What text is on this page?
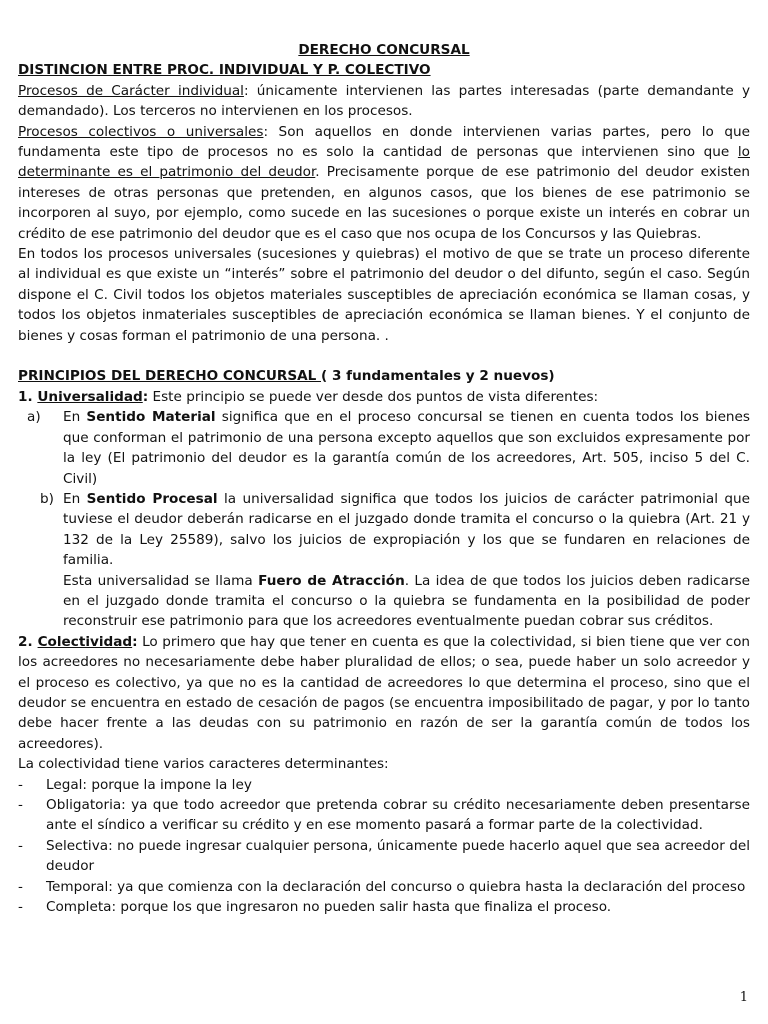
DERECHO CONCURSAL

DISTINCION ENTRE PROC. INDIVIDUAL Y P. COLECTIVO

Procesos de Carácter individual: únicamente intervienen las partes interesadas (parte demandante y demandado). Los terceros no intervienen en los procesos.

Procesos colectivos o universales: Son aquellos en donde intervienen varias partes, pero lo que fundamenta este tipo de procesos no es solo la cantidad de personas que intervienen sino que lo determinante es el patrimonio del deudor. Precisamente porque de ese patrimonio del deudor existen intereses de otras personas que pretenden, en algunos casos, que los bienes de ese patrimonio se incorporen al suyo, por ejemplo, como sucede en las sucesiones o porque existe un interés en cobrar un crédito de ese patrimonio del deudor que es el caso que nos ocupa de los Concursos y las Quiebras.

En todos los procesos universales (sucesiones y quiebras) el motivo de que se trate un proceso diferente al individual es que existe un “interés” sobre el patrimonio del deudor o del difunto, según el caso. Según dispone el C. Civil todos los objetos materiales susceptibles de apreciación económica se llaman cosas, y todos los objetos inmateriales susceptibles de apreciación económica se llaman bienes. Y el conjunto de bienes y cosas forman el patrimonio de una persona. .

PRINCIPIOS DEL DERECHO CONCURSAL ( 3 fundamentales y 2 nuevos)

1. Universalidad: Este principio se puede ver desde dos puntos de vista diferentes:

a)	En Sentido Material significa que en el proceso concursal se tienen en cuenta todos los bienes que conforman el patrimonio de una persona excepto aquellos que son excluidos expresamente por la ley (El patrimonio del deudor es la garantía común de los acreedores, Art. 505, inciso 5 del C. Civil)
b) En Sentido Procesal la universalidad significa que todos los juicios de carácter patrimonial que tuviese el deudor deberán radicarse en el juzgado donde tramita el concurso o la quiebra (Art. 21 y 132 de la Ley 25589), salvo los juicios de expropiación y los que se fundaren en relaciones de familia.

Esta universalidad se llama Fuero de Atracción. La idea de que todos los juicios deben radicarse en el juzgado donde tramita el concurso o la quiebra se fundamenta en la posibilidad de poder reconstruir ese patrimonio para que los acreedores eventualmente puedan cobrar sus créditos.

2. Colectividad: Lo primero que hay que tener en cuenta es que la colectividad, si bien tiene que ver con los acreedores no necesariamente debe haber pluralidad de ellos; o sea, puede haber un solo acreedor y el proceso es colectivo, ya que no es la cantidad de acreedores lo que determina el proceso, sino que el deudor se encuentra en estado de cesación de pagos (se encuentra imposibilitado de pagar, y por lo tanto debe hacer frente a las deudas con su patrimonio en razón de ser la garantía común de todos los acreedores).

La colectividad tiene varios caracteres determinantes:

-	Legal: porque la impone la ley
-	Obligatoria: ya que todo acreedor que pretenda cobrar su crédito necesariamente deben presentarse ante el síndico a verificar su crédito y en ese momento pasará a formar parte de la colectividad.
-	Selectiva: no puede ingresar cualquier persona, únicamente puede hacerlo aquel que sea acreedor del deudor
-	Temporal: ya que comienza con la declaración del concurso o quiebra hasta la declaración del proceso
-	Completa: porque los que ingresaron no pueden salir hasta que finaliza el proceso.
1
